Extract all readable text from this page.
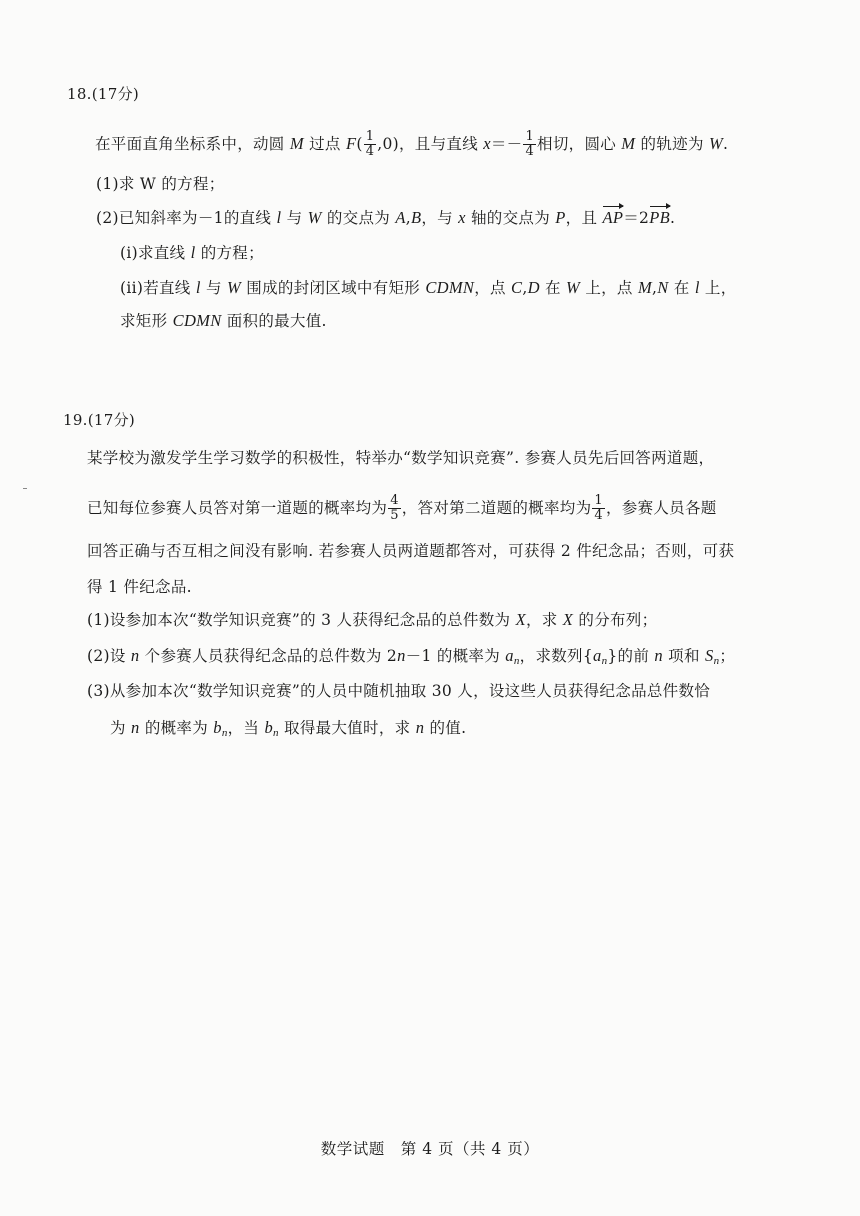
18.(17分)
在平面直角坐标系中，动圆 M 过点 $F( \frac{1}{4} ,0)$，且与直线 $x=- \frac{1}{4}$ 相切，圆心 M 的轨迹为 W.
(1)求 W 的方程；
(2)已知斜率为－1的直线 l 与 W 的交点为 A,B，与 x 轴的交点为 P，且 AP＝2PB.
(i)求直线 l 的方程；
(ii)若直线 l 与 W 围成的封闭区域中有矩形 CDMN，点 C,D 在 W 上，点 M,N 在 l 上，
求矩形 CDMN 面积的最大值.
19.(17分)
某学校为激发学生学习数学的积极性，特举办“数学知识竞赛”. 参赛人员先后回答两道题，
已知每位参赛人员答对第一道题的概率均为 $\frac{4}{5}$ ，答对第二道题的概率均为 $\frac{1}{4}$ ，参赛人员各题
回答正确与否互相之间没有影响. 若参赛人员两道题都答对，可获得 2 件纪念品；否则，可获
得 1 件纪念品.
(1)设参加本次“数学知识竞赛”的 3 人获得纪念品的总件数为 X，求 X 的分布列；
(2)设 n 个参赛人员获得纪念品的总件数为 2n－1 的概率为 $a_n$，求数列$\{a_n\}$的前 n 项和 $S_n$；
(3)从参加本次“数学知识竞赛”的人员中随机抽取 30 人，设这些人员获得纪念品总件数恰
为 n 的概率为 $b_n$，当 $b_n$ 取得最大值时，求 n 的值.
数学试题　第 4 页（共 4 页）
